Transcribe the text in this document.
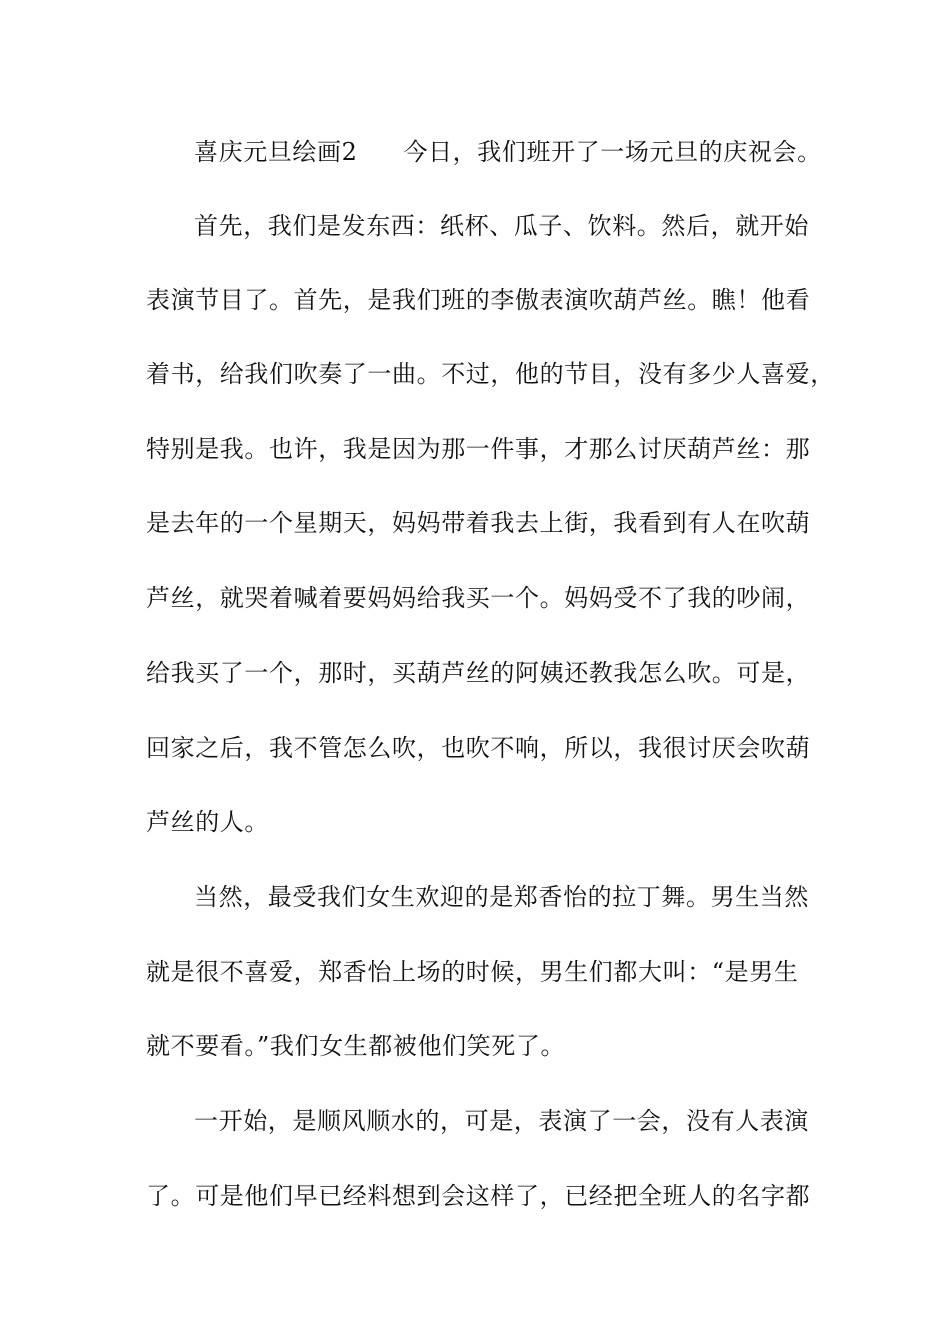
喜庆元旦绘画2 今日，我们班开了一场元旦的庆祝会。
首先，我们是发东西：纸杯、瓜子、饮料。然后，就开始
表演节目了。首先，是我们班的李傲表演吹葫芦丝。瞧！他看
着书，给我们吹奏了一曲。不过，他的节目，没有多少人喜爱，
特别是我。也许，我是因为那一件事，才那么讨厌葫芦丝：那
是去年的一个星期天，妈妈带着我去上街，我看到有人在吹葫
芦丝，就哭着喊着要妈妈给我买一个。妈妈受不了我的吵闹，
给我买了一个，那时，买葫芦丝的阿姨还教我怎么吹。可是，
回家之后，我不管怎么吹，也吹不响，所以，我很讨厌会吹葫
芦丝的人。
当然，最受我们女生欢迎的是郑香怡的拉丁舞。男生当然
就是很不喜爱，郑香怡上场的时候，男生们都大叫：“是男生
就不要看。”我们女生都被他们笑死了。
一开始，是顺风顺水的，可是，表演了一会，没有人表演
了。可是他们早已经料想到会这样了，已经把全班人的名字都
